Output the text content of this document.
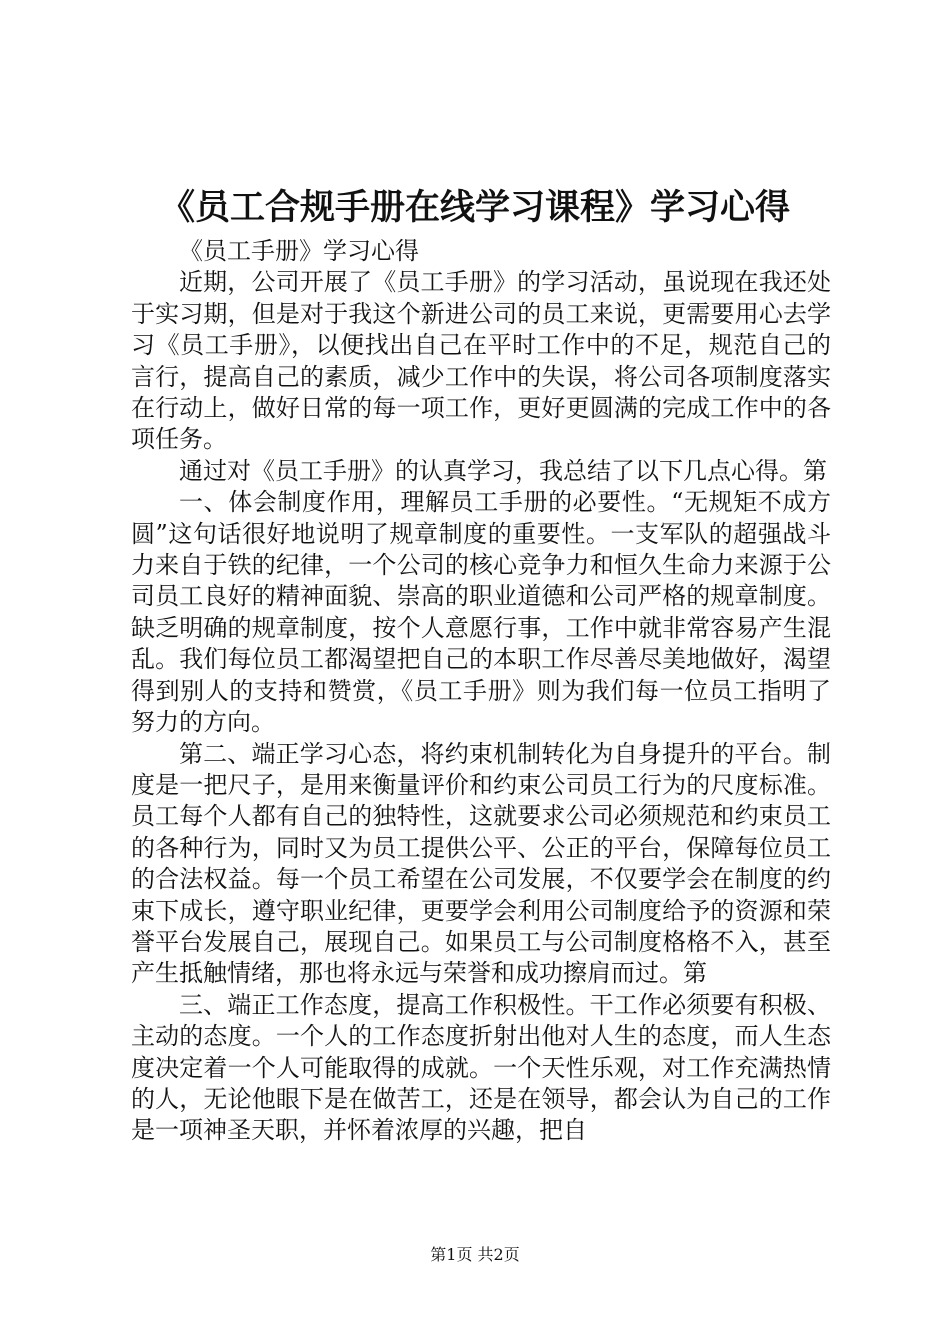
《员工合规手册在线学习课程》学习心得

《员工手册》学习心得

近期，公司开展了《员工手册》的学习活动，虽说现在我还处于实习期，但是对于我这个新进公司的员工来说，更需要用心去学习《员工手册》，以便找出自己在平时工作中的不足，规范自己的言行，提高自己的素质，减少工作中的失误，将公司各项制度落实在行动上，做好日常的每一项工作，更好更圆满的完成工作中的各项任务。

通过对《员工手册》的认真学习，我总结了以下几点心得。第

一、体会制度作用，理解员工手册的必要性。“无规矩不成方圆”这句话很好地说明了规章制度的重要性。一支军队的超强战斗力来自于铁的纪律，一个公司的核心竞争力和恒久生命力来源于公司员工良好的精神面貌、崇高的职业道德和公司严格的规章制度。缺乏明确的规章制度，按个人意愿行事，工作中就非常容易产生混乱。我们每位员工都渴望把自己的本职工作尽善尽美地做好，渴望得到别人的支持和赞赏，《员工手册》则为我们每一位员工指明了努力的方向。

第二、端正学习心态，将约束机制转化为自身提升的平台。制度是一把尺子，是用来衡量评价和约束公司员工行为的尺度标准。员工每个人都有自己的独特性，这就要求公司必须规范和约束员工的各种行为，同时又为员工提供公平、公正的平台，保障每位员工的合法权益。每一个员工希望在公司发展，不仅要学会在制度的约束下成长，遵守职业纪律，更要学会利用公司制度给予的资源和荣誉平台发展自己，展现自己。如果员工与公司制度格格不入，甚至产生抵触情绪，那也将永远与荣誉和成功擦肩而过。第

三、端正工作态度，提高工作积极性。干工作必须要有积极、主动的态度。一个人的工作态度折射出他对人生的态度，而人生态度决定着一个人可能取得的成就。一个天性乐观，对工作充满热情的人，无论他眼下是在做苦工，还是在领导，都会认为自己的工作是一项神圣天职，并怀着浓厚的兴趣，把自

第1页 共2页
